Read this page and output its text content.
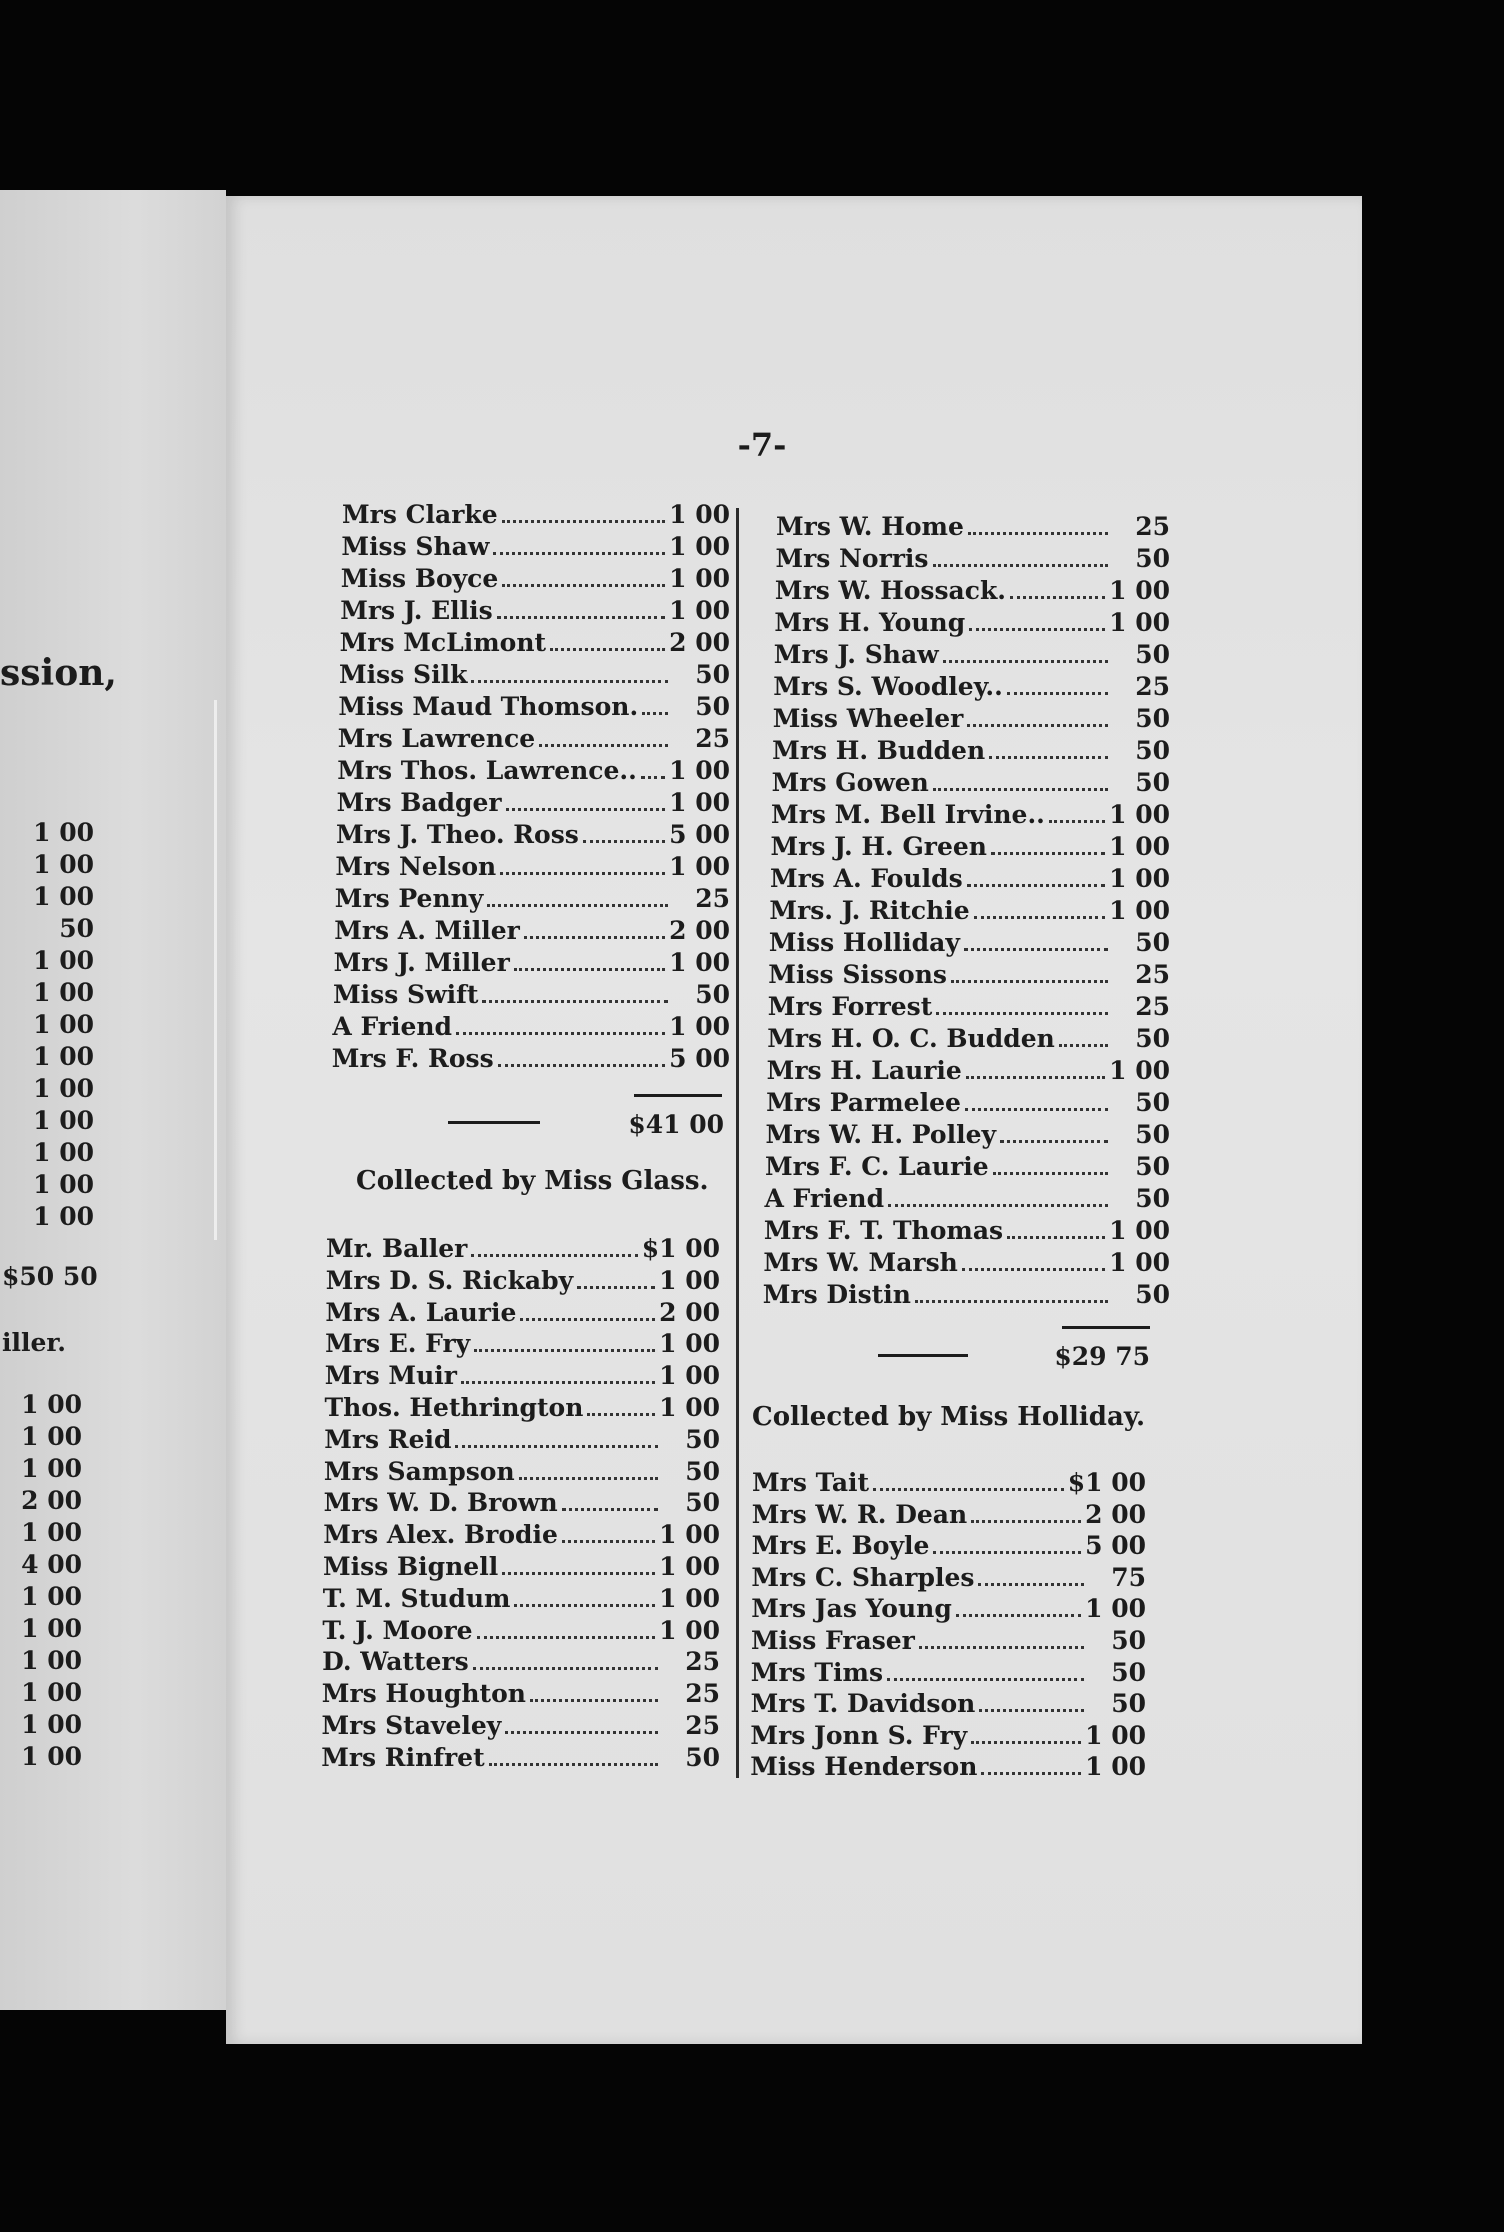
-7-
ssion,
1 00
1 00
1 00
50
1 00
1 00
1 00
1 00
1 00
1 00
1 00
1 00
1 00
$50 50
iller.
1 00
1 00
1 00
2 00
1 00
4 00
1 00
1 00
1 00
1 00
1 00
1 00
Mrs Clarke	1 00
Miss Shaw	1 00
Miss Boyce	1 00
Mrs J. Ellis	1 00
Mrs McLimont	2 00
Miss Silk	50
Miss Maud Thomson.	50
Mrs Lawrence	25
Mrs Thos. Lawrence.. 1 00
Mrs Badger	1 00
Mrs J. Theo. Ross	5 00
Mrs Nelson	1 00
Mrs Penny	25
Mrs A. Miller	2 00
Mrs J. Miller	1 00
Miss Swift	50
A Friend	1 00
Mrs F. Ross	5 00
$41 00
Collected by Miss Glass.
Mr. Baller	$1 00
Mrs D. S. Rickaby	1 00
Mrs A. Laurie	2 00
Mrs E. Fry	1 00
Mrs Muir	1 00
Thos. Hethrington	1 00
Mrs Reid	50
Mrs Sampson	50
Mrs W. D. Brown	50
Mrs Alex. Brodie	1 00
Miss Bignell	1 00
T. M. Studum	1 00
T. J. Moore	1 00
D. Watters	25
Mrs Houghton	25
Mrs Staveley	25
Mrs Rinfret	50
Mrs W. Home	25
Mrs Norris	50
Mrs W. Hossack.	1 00
Mrs H. Young	1 00
Mrs J. Shaw	50
Mrs S. Woodley..	25
Miss Wheeler	50
Mrs H. Budden	50
Mrs Gowen	50
Mrs M. Bell Irvine..	1 00
Mrs J. H. Green	1 00
Mrs A. Foulds	1 00
Mrs. J. Ritchie	1 00
Miss Holliday	50
Miss Sissons	25
Mrs Forrest	25
Mrs H. O. C. Budden	50
Mrs H. Laurie	1 00
Mrs Parmelee	50
Mrs W. H. Polley	50
Mrs F. C. Laurie	50
A Friend	50
Mrs F. T. Thomas	1 00
Mrs W. Marsh	1 00
Mrs Distin	50
$29 75
Collected by Miss Holliday.
Mrs Tait	$1 00
Mrs W. R. Dean	2 00
Mrs E. Boyle	5 00
Mrs C. Sharples	75
Mrs Jas Young	1 00
Miss Fraser	50
Mrs Tims	50
Mrs T. Davidson	50
Mrs Jonn S. Fry	1 00
Miss Henderson	1 00
